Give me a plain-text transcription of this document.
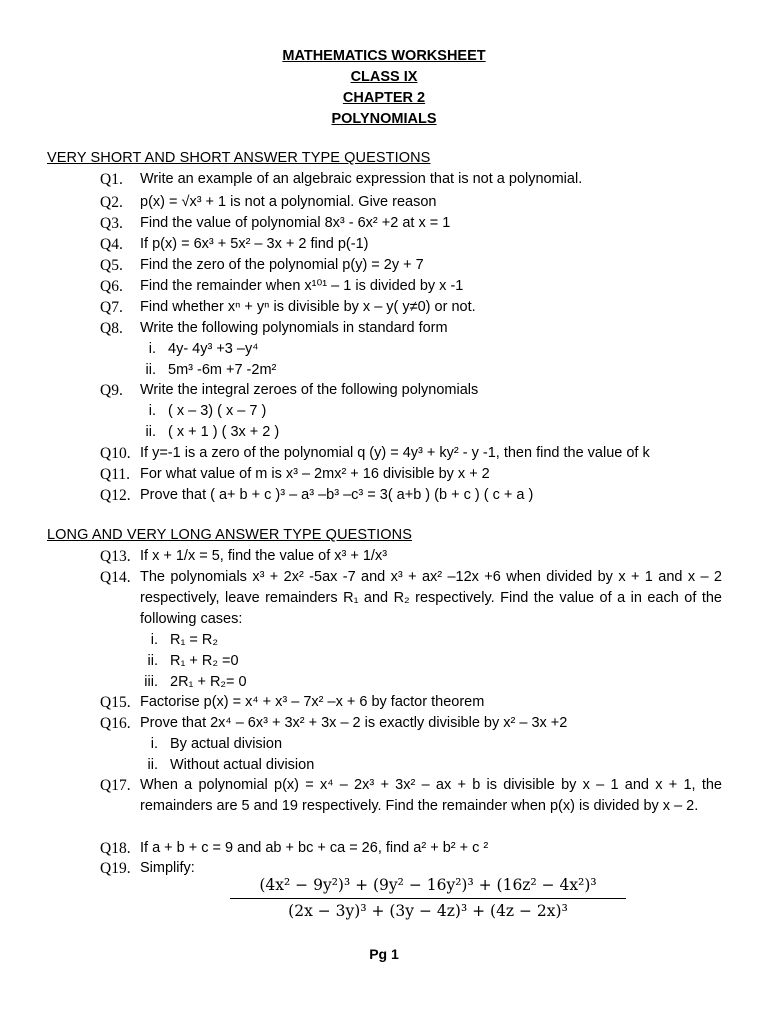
MATHEMATICS WORKSHEET
CLASS IX
CHAPTER 2
POLYNOMIALS
VERY SHORT AND SHORT ANSWER TYPE QUESTIONS
Q1. Write an example of an algebraic expression that is not a polynomial.
Q2. p(x) = √x³ + 1 is not a polynomial. Give reason
Q3. Find the value of polynomial 8x³ - 6x² +2 at x = 1
Q4. If p(x) = 6x³ + 5x² – 3x + 2 find p(-1)
Q5. Find the zero of the polynomial p(y) = 2y + 7
Q6. Find the remainder when x¹⁰¹ – 1 is divided by x -1
Q7. Find whether xⁿ + yⁿ is divisible by x – y( y≠0) or not.
Q8. Write the following polynomials in standard form
i. 4y- 4y³ +3 –y⁴
ii. 5m³ -6m +7 -2m²
Q9. Write the integral zeroes of the following polynomials
i. ( x – 3) ( x – 7 )
ii. ( x + 1 ) ( 3x + 2 )
Q10. If y=-1 is a zero of the polynomial q (y) = 4y³ + ky² - y -1, then find the value of k
Q11. For what value of m is x³ – 2mx² + 16 divisible by x + 2
Q12. Prove that ( a+ b + c )³ – a³ –b³ –c³ = 3( a+b ) (b + c ) ( c + a )
LONG AND VERY LONG ANSWER TYPE QUESTIONS
Q13. If x + 1/x = 5, find the value of x³ + 1/x³
Q14. The polynomials x³ + 2x² -5ax -7 and x³ + ax² –12x +6 when divided by x + 1 and x – 2 respectively, leave remainders R₁ and R₂ respectively. Find the value of a in each of the following cases:
i. R₁ = R₂
ii. R₁ + R₂ =0
iii. 2R₁ + R₂= 0
Q15. Factorise p(x) = x⁴ + x³ – 7x² –x + 6 by factor theorem
Q16. Prove that 2x⁴ – 6x³ + 3x² + 3x – 2 is exactly divisible by x² – 3x +2
i. By actual division
ii. Without actual division
Q17. When a polynomial p(x) = x⁴ – 2x³ + 3x² – ax + b is divisible by x – 1 and x + 1, the remainders are 5 and 19 respectively. Find the remainder when p(x) is divided by x – 2.
Q18. If a + b + c = 9 and ab + bc + ca = 26, find a² + b² + c ²
Q19. Simplify:
(4x² − 9y²)³ + (9y² − 16y²)³ + (16z² − 4x²)³
(2x − 3y)³ + (3y − 4z)³ + (4z − 2x)³
Pg 1
